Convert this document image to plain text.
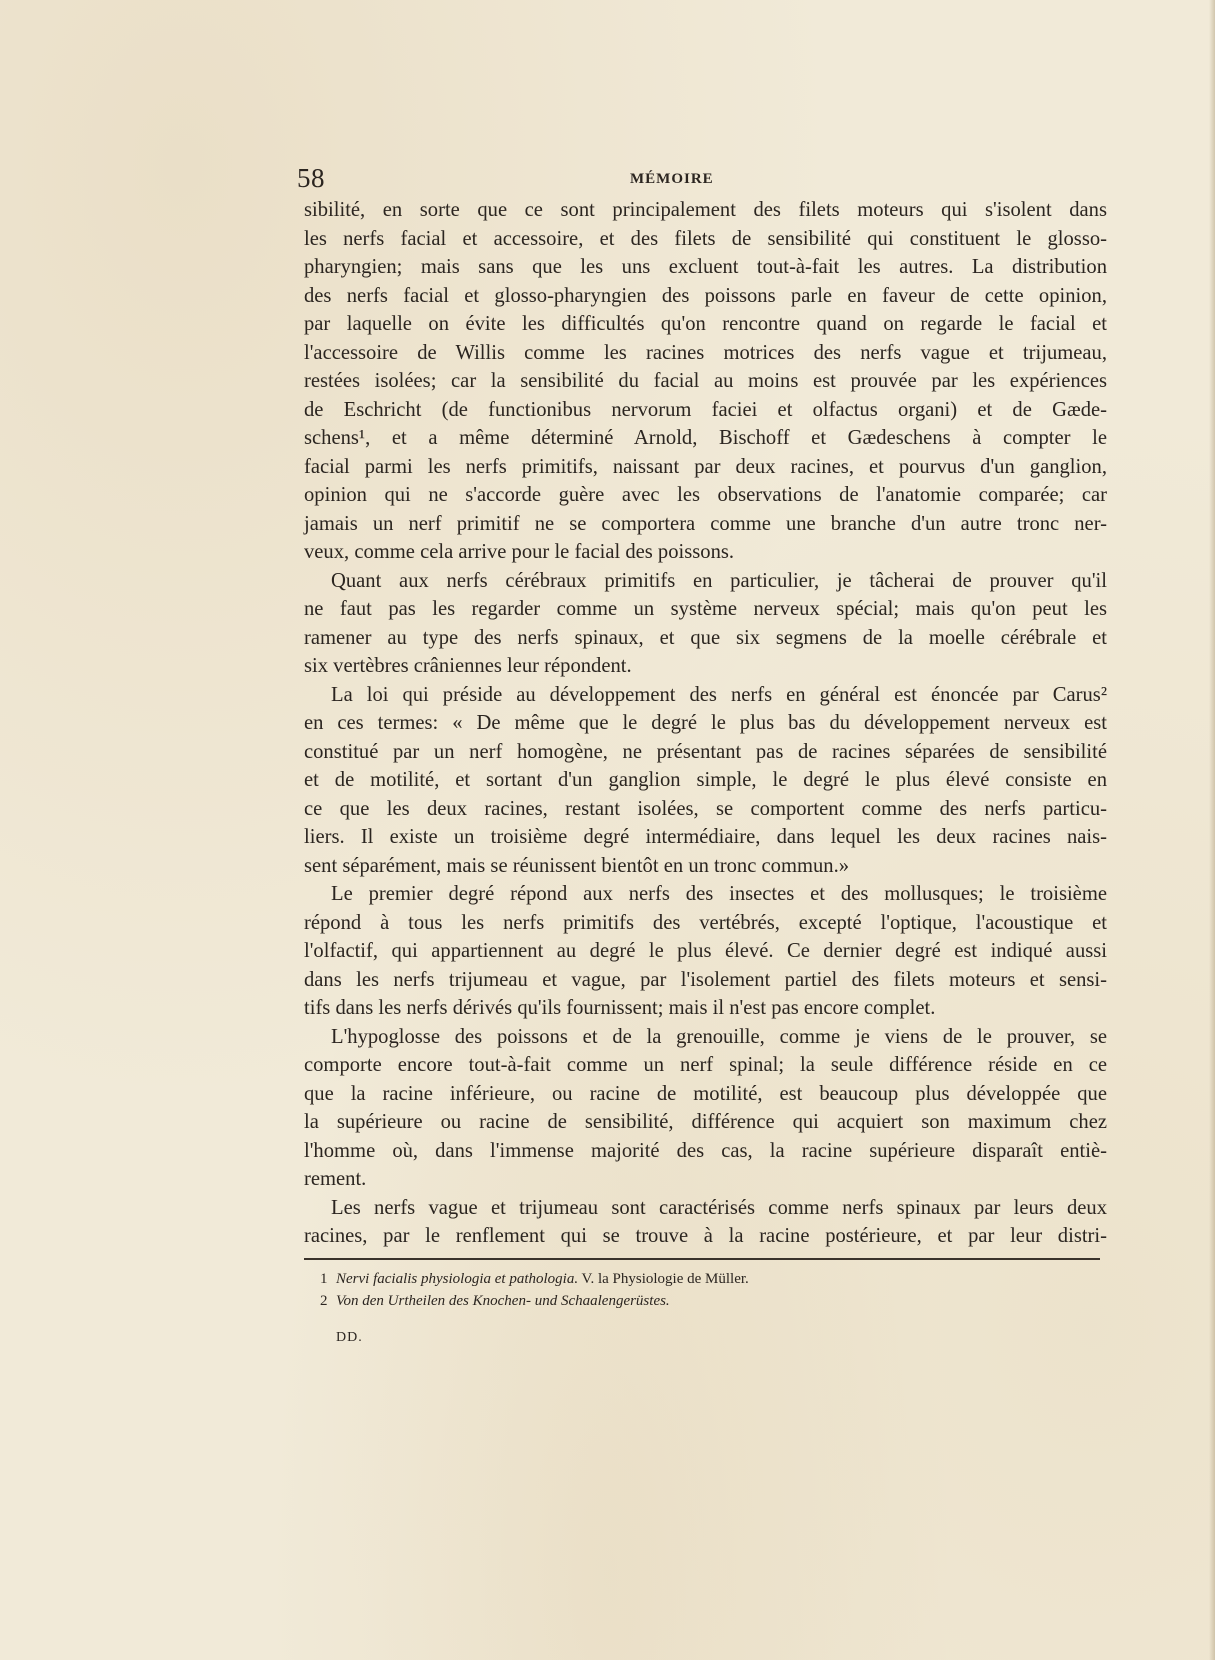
58	MÉMOIRE
sibilité, en sorte que ce sont principalement des filets moteurs qui s'isolent dans
les nerfs facial et accessoire, et des filets de sensibilité qui constituent le glosso-
pharyngien; mais sans que les uns excluent tout-à-fait les autres. La distribution
des nerfs facial et glosso-pharyngien des poissons parle en faveur de cette opinion,
par laquelle on évite les difficultés qu'on rencontre quand on regarde le facial et
l'accessoire de Willis comme les racines motrices des nerfs vague et trijumeau,
restées isolées; car la sensibilité du facial au moins est prouvée par les expériences
de Eschricht (de functionibus nervorum faciei et olfactus organi) et de Gæde-
schens¹, et a même déterminé Arnold, Bischoff et Gædeschens à compter le
facial parmi les nerfs primitifs, naissant par deux racines, et pourvus d'un ganglion,
opinion qui ne s'accorde guère avec les observations de l'anatomie comparée; car
jamais un nerf primitif ne se comportera comme une branche d'un autre tronc ner-
veux, comme cela arrive pour le facial des poissons.
Quant aux nerfs cérébraux primitifs en particulier, je tâcherai de prouver qu'il
ne faut pas les regarder comme un système nerveux spécial; mais qu'on peut les
ramener au type des nerfs spinaux, et que six segmens de la moelle cérébrale et
six vertèbres crâniennes leur répondent.
La loi qui préside au développement des nerfs en général est énoncée par Carus²
en ces termes: « De même que le degré le plus bas du développement nerveux est
constitué par un nerf homogène, ne présentant pas de racines séparées de sensibilité
et de motilité, et sortant d'un ganglion simple, le degré le plus élevé consiste en
ce que les deux racines, restant isolées, se comportent comme des nerfs particu-
liers. Il existe un troisième degré intermédiaire, dans lequel les deux racines nais-
sent séparément, mais se réunissent bientôt en un tronc commun.»
Le premier degré répond aux nerfs des insectes et des mollusques; le troisième
répond à tous les nerfs primitifs des vertébrés, excepté l'optique, l'acoustique et
l'olfactif, qui appartiennent au degré le plus élevé. Ce dernier degré est indiqué aussi
dans les nerfs trijumeau et vague, par l'isolement partiel des filets moteurs et sensi-
tifs dans les nerfs dérivés qu'ils fournissent; mais il n'est pas encore complet.
L'hypoglosse des poissons et de la grenouille, comme je viens de le prouver, se
comporte encore tout-à-fait comme un nerf spinal; la seule différence réside en ce
que la racine inférieure, ou racine de motilité, est beaucoup plus développée que
la supérieure ou racine de sensibilité, différence qui acquiert son maximum chez
l'homme où, dans l'immense majorité des cas, la racine supérieure disparaît entiè-
rement.
Les nerfs vague et trijumeau sont caractérisés comme nerfs spinaux par leurs deux
racines, par le renflement qui se trouve à la racine postérieure, et par leur distri-
1 Nervi facialis physiologia et pathologia. V. la Physiologie de Müller.
2 Von den Urtheilen des Knochen- und Schaalengerüstes.
DD.
